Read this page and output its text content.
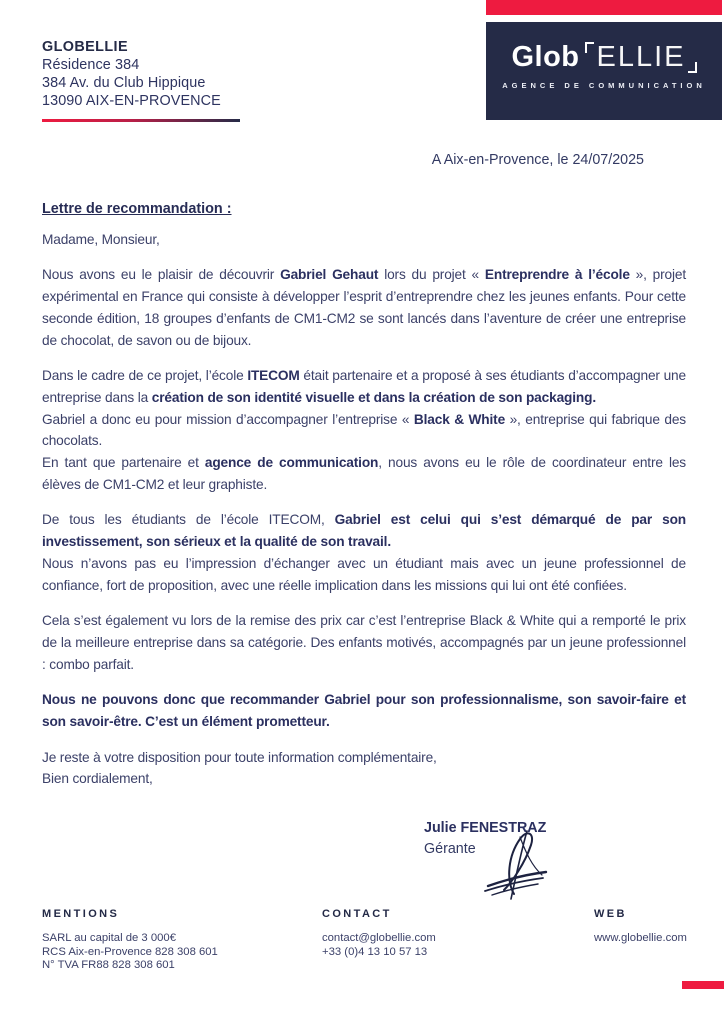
GLOBELLIE
Résidence 384
384 Av. du Club Hippique
13090 AIX-EN-PROVENCE
Glob ELLIE
AGENCE DE COMMUNICATION
A Aix-en-Provence, le 24/07/2025

Lettre de recommandation :

Madame, Monsieur,

Nous avons eu le plaisir de découvrir Gabriel Gehaut lors du projet « Entreprendre à l’école », projet expérimental en France qui consiste à développer l’esprit d’entreprendre chez les jeunes enfants. Pour cette seconde édition, 18 groupes d’enfants de CM1-CM2 se sont lancés dans l’aventure de créer une entreprise de chocolat, de savon ou de bijoux.

Dans le cadre de ce projet, l’école ITECOM était partenaire et a proposé à ses étudiants d’accompagner une entreprise dans la création de son identité visuelle et dans la création de son packaging.

Gabriel a donc eu pour mission d’accompagner l’entreprise « Black & White », entreprise qui fabrique des chocolats.

En tant que partenaire et agence de communication, nous avons eu le rôle de coordinateur entre les élèves de CM1-CM2 et leur graphiste.

De tous les étudiants de l’école ITECOM, Gabriel est celui qui s’est démarqué de par son investissement, son sérieux et la qualité de son travail.

Nous n’avons pas eu l’impression d’échanger avec un étudiant mais avec un jeune professionnel de confiance, fort de proposition, avec une réelle implication dans les missions qui lui ont été confiées.

Cela s’est également vu lors de la remise des prix car c’est l’entreprise Black & White qui a remporté le prix de la meilleure entreprise dans sa catégorie. Des enfants motivés, accompagnés par un jeune professionnel : combo parfait.

Nous ne pouvons donc que recommander Gabriel pour son professionnalisme, son savoir-faire et son savoir-être. C’est un élément prometteur.

Je reste à votre disposition pour toute information complémentaire,

Bien cordialement,

Julie FENESTRAZ
Gérante
MENTIONS
SARL au capital de 3 000€
RCS Aix-en-Provence 828 308 601
N° TVA FR88 828 308 601
CONTACT
contact@globellie.com
+33 (0)4 13 10 57 13
WEB
www.globellie.com
